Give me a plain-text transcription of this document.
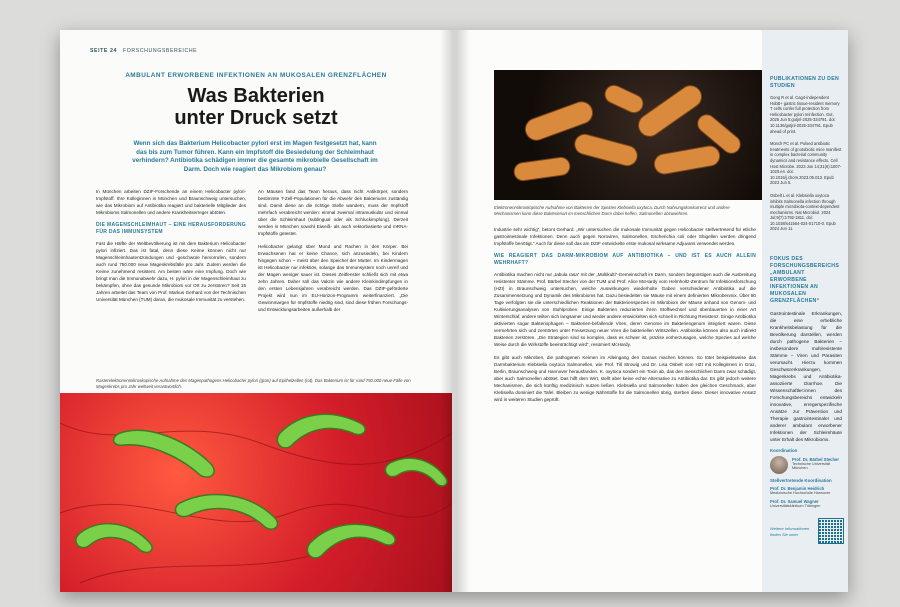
SEITE 24 FORSCHUNGSBEREICHE
AMBULANT ERWORBENE INFEKTIONEN AN MUKOSALEN GRENZFLÄCHEN
Was Bakterien
unter Druck setzt
Wenn sich das Bakterium Helicobacter pylori erst im Magen festgesetzt hat, kann das bis zum Tumor führen. Kann ein Impfstoff die Besiedelung der Schleimhaut verhindern? Antibiotika schädigen immer die gesamte mikrobielle Gesellschaft im Darm. Doch wie reagiert das Mikrobiom genau?

In München arbeiten DZIF-Forschende an einem Helicobacter pylori-Impfstoff. Ihre Kolleginnen in München und Braunschweig untersuchen, wie das Mikrobiom auf Antibiotika reagiert und bakterielle Mitglieder des Mikrobioms Salmonellen und andere Krankheitserreger abtöten.

DIE MAGENSCHLEIMHAUT – EINE HERAUSFORDERUNG FÜR DAS IMMUNSYSTEM

Fast die Hälfte der Weltbevölkerung ist mit dem Bakterium Helicobacter pylori infiziert. Das ist fatal, denn diese Keime können nicht nur Magenschleimhautentzündungen und -geschwüre hervorrufen, sondern auch rund 750.000 neue Magenkrebsfälle pro Jahr. Zudem werden die Keime zunehmend resistent. Am besten wäre eine Impfung. Doch wie bringt man die Immunabwehr dazu, H. pylori in der Magenschleimhaut zu bekämpfen, ohne das gesunde Mikrobiom vor Ort zu zerstören? Seit 15 Jahren arbeitet das Team von Prof. Markus Gerhard von der Technischen Universität München (TUM) daran, die mukosale Immunität zu verstehen.

An Mäusen fand das Team heraus, dass nicht Antikörper, sondern bestimmte T-Zell-Populationen für die Abwehr des Bakteriums zuständig sind. Damit diese an die richtige Stelle wandern, muss der Impfstoff mehrfach verabreicht werden: einmal zweimal intramuskulär und einmal über die Schleimhaut (sublingual oder als Schluckimpfung). Derzeit werden in München sowohl Eiweiß- als auch vektorbasierte und mRNA-Impfstoffe getestet.

Helicobacter gelangt über Mund und Rachen in den Körper. Bei Erwachsenen hat er keine Chance, sich anzusiedeln, bei Kindern hingegen schon – meist über den Speichel der Mutter. Im Kindermagen ist Helicobacter nur infektiös, solange das Immunsystem noch unreif und der Magen weniger sauer ist. Dieses Zeitfenster schließt sich mit etwa zehn Jahren. Daher soll das Vakzin wie andere Kleinkindimpfungen in den ersten Lebensjahren verabreicht werden. Das DZIF-geförderte Projekt wird nun im EU-Horizon-Programm weiterfinanziert. „Die Gewinnmargen für Impfstoffe niedrig sind, sind diese frühen Forschungs- und Entwicklungsarbeiten außerhalb der

Rasterelektronenmikroskopische Aufnahme des Magenpathogens Helicobacter pylori (grün) auf Epithelzellen (rot). Das Bakterium ist für rund 750.000 neue Fälle von Magenkrebs pro Jahr weltweit verantwortlich.
Elektronenmikroskopische Aufnahme von Bakterien der Spezies Klebsiella oxytoca. Durch Nahrungskonkurrenz und andere Mechanismen kann diese Bakterienart im menschlichen Darm dabei helfen, Salmonellen abzuwehren.

Industrie sehr wichtig“, betont Gerhard. „Wir untersuchen die mukosale Immunität gegen Helicobacter stellvertretend für etliche gastrointestinale Infektionen. Denn auch gegen Noroviren, Salmonellen, Escherichia coli oder Shigellen werden dringend Impfstoffe benötigt.“ Auch für diese soll das am DZIF entwickelte erste mukosal wirksame Adjuvans verwendet werden.

WIE REAGIERT DAS DARM-MIKROBIOM AUF ANTIBIOTIKA – UND IST ES AUCH ALLEIN WEHRHAFT?

Antibiotika machen nicht nur „tabula rasa“ mit der „Multikulti“-Gemeinschaft im Darm, sondern begünstigen auch die Ausbreitung resistenter Stämme. Prof. Bärbel Stecher von der TUM und Prof. Alice McHardy vom Helmholtz-Zentrum für Infektionsforschung (HZI) in Braunschweig untersuchen, welche Auswirkungen wiederholte Gaben verschiedener Antibiotika auf die Zusammensetzung und Dynamik des Mikrobioms hat. Dazu besiedelten sie Mäuse mit einem definierten Mikrobenmix. Über 80 Tage verfolgten sie die unterschiedlichen Reaktionen der Bakterienspezies im Mikrobiom der Mäuse anhand von Genom- und Kultivierungsanalysen von Stuhlproben. Einige Bakterien reduzierten ihren Stoffwechsel und überdauerten in einer Art Winterschlaf, andere teilten sich langsamer und wieder andere entwickelten sich schnell in Richtung Resistenz. Einige Antibiotika aktivierten sogar Bakteriophagen – Bakterien-befallende Viren, deren Genome im Bakteriengenom integriert waren. Diese vermehrten sich und zerstörten unter Freisetzung neuer Viren die bakteriellen Wirtszellen. Antibiotika können also auch indirekt Bakterien zerstören. „Die Strategien sind so komplex, dass es schwer ist, präzise vorherzusagen, welche Spezies auf welche Weise durch die Wirkstoffe beeinträchtigt wird“, resümiert McHardy.

Es gibt auch Mikroben, die pathogenen Keimen im Alleingang den Garaus machen können. So tötet beispielsweise das Darmbakterium Klebsiella oxytoca Salmonellen, wie Prof. Till Strowig und Dr. Lisa Osbelt vom HZI mit Kolleginnen in Graz, Berlin, Braunschweig und Hannover herausfanden. K. oxytoca sondert ein Toxin ab, das den menschlichen Darm zwar schädigt, aber auch Salmonellen abtötet. Das hilft dem Wirt, stellt aber keine echte Alternative zu Antibiotika dar. Es gibt jedoch weitere Mechanismen, die sich künftig medizinisch nutzen ließen. Klebsiella und Salmonellen haben den gleichen Geschmack, aber Klebsiella dominiert die Tafel. Bleiben zu wenige Nährstoffe für die Salmonellen übrig, sterben diese. Dieser innovative Ansatz wird in weiteren Studien geprüft.

PUBLIKATIONEN ZU DEN STUDIEN

Gong R et al. Cag4-independent HobB+ gastric tissue-resident memory T cells confer full protection from Helicobacter pylori reinfection. Gut. 2025 Jun 5:gutjnl-2025-334791. doi: 10.1136/gutjnl-2025-334791. Epub ahead of print.

Münch PC et al. Pulsed antibiotic treatments of gnotobiotic mice manifest in complex bacterial community dynamics and resistance effects. Cell Host Microbe. 2023 Jun 14;31(6):1007-1020.e4. doi: 10.1016/j.chom.2023.05.013. Epub 2023 Jun 5.

Osbelt L et al. Klebsiella oxytoca inhibits Salmonella infection through multiple microbiota-context-dependent mechanisms. Nat Microbiol. 2024 Jul;9(7):1792-1811. doi: 10.1038/s41564-024-01710-0. Epub 2024 Jun 11.

FOKUS DES FORSCHUNGSBEREICHS „AMBULANT ERWORBENE INFEKTIONEN AN MUKOSALEN GRENZFLÄCHEN“
Gastrointestinale Erkrankungen, die eine erhebliche Krankheitsbelastung für die Bevölkerung darstellen, werden durch pathogene Bakterien – insbesondere multiresistente Stämme – Viren und Parasiten verursacht. Hierzu kommen Geschwürerkrankungen, Magenkrebs und Antibiotika-assoziierte Diarrhoe. Die Wissenschaftler:innen des Forschungsbereichs entwickeln innovative, erregerspezifische Ansätze zur Prävention und Therapie gastrointestinaler und anderer ambulant erworbener Infektionen der Schleimhäute unter Erhalt des Mikrobioms.
Koordination
Prof. Dr. Bärbel Stecher
Technische Universität München
Stellvertretende Koordination
Prof. Dr. Benjamin Heidrich
Medizinische Hochschule Hannover
Prof. Dr. Samuel Wagner
Universitätsklinikum Tübingen
Weitere Informationen finden Sie unter
